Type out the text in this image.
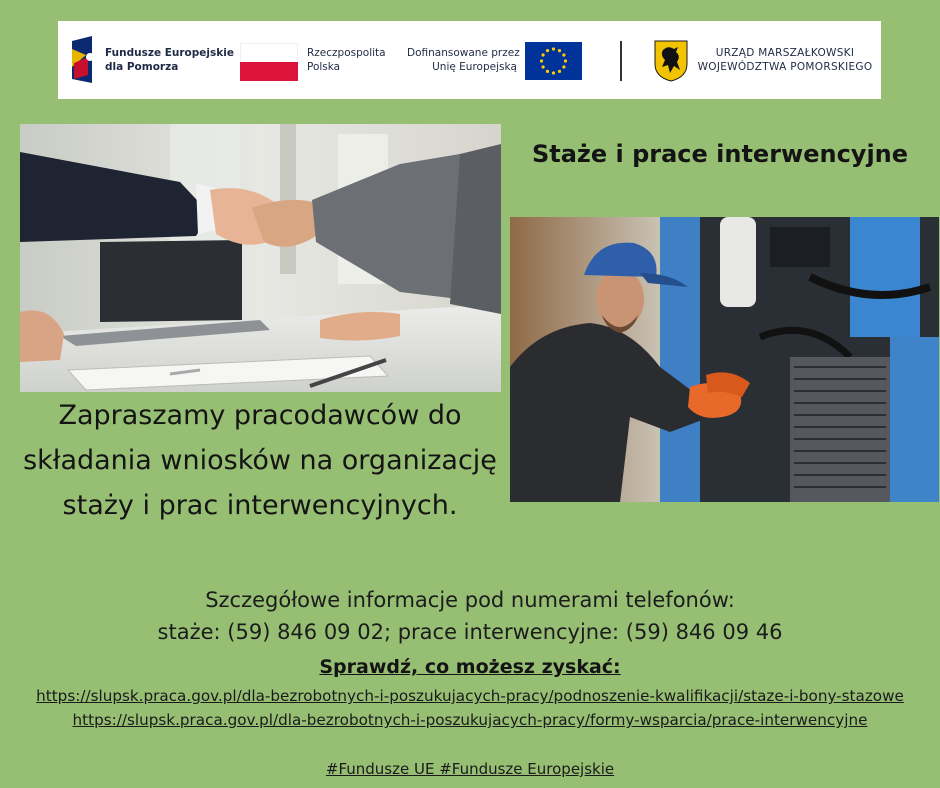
Fundusze Europejskie
dla Pomorza
Rzeczpospolita
Polska
Dofinansowane przez
Unię Europejską
URZĄD MARSZAŁKOWSKI
WOJEWÓDZTWA POMORSKIEGO
Staże i prace interwencyjne
Zapraszamy pracodawców do składania wniosków na organizację staży i prac interwencyjnych.
Szczegółowe informacje pod numerami telefonów:
staże: (59) 846 09 02; prace interwencyjne: (59) 846 09 46
Sprawdź, co możesz zyskać:
https://slupsk.praca.gov.pl/dla-bezrobotnych-i-poszukujacych-pracy/podnoszenie-kwalifikacji/staze-i-bony-stazowe
https://slupsk.praca.gov.pl/dla-bezrobotnych-i-poszukujacych-pracy/formy-wsparcia/prace-interwencyjne
#Fundusze UE #Fundusze Europejskie
